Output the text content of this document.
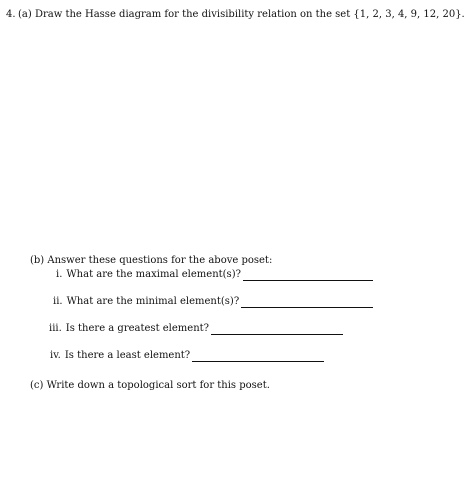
4. (a) Draw the Hasse diagram for the divisibility relation on the set {1, 2, 3, 4, 9, 12, 20}.
(b) Answer these questions for the above poset:
i. What are the maximal element(s)?
ii. What are the minimal element(s)?
iii. Is there a greatest element?
iv. Is there a least element?
(c) Write down a topological sort for this poset.
